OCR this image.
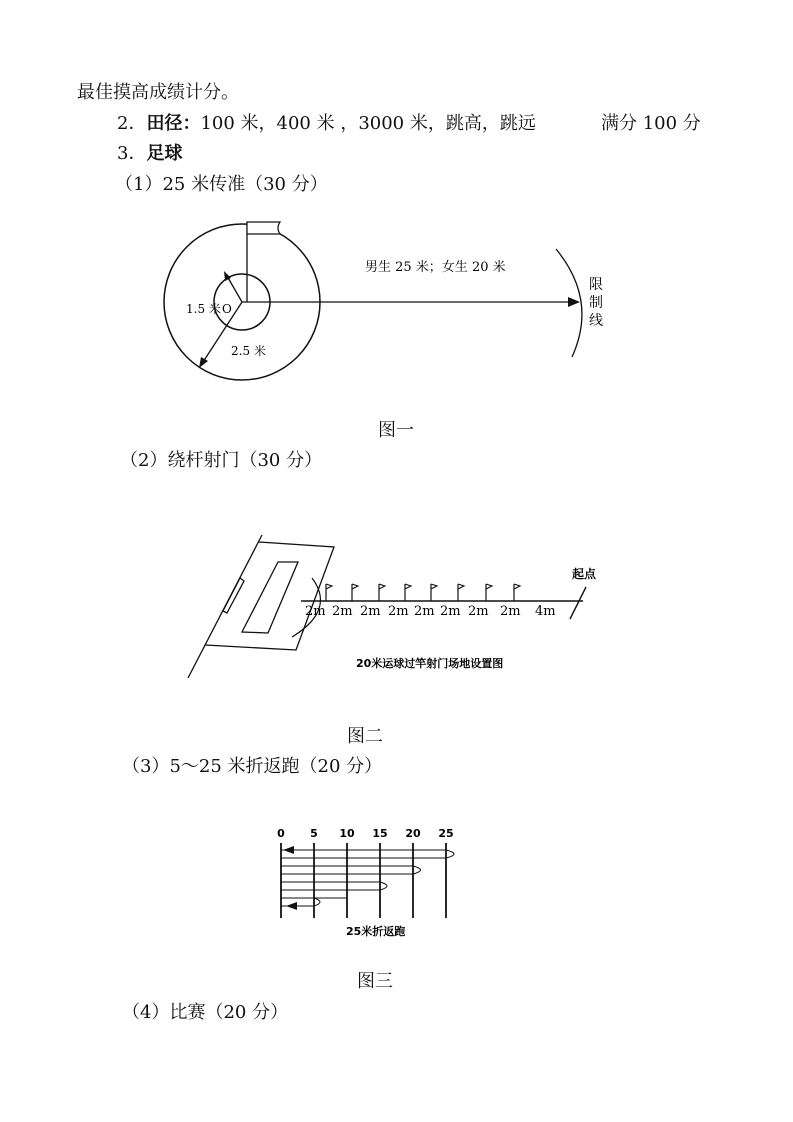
最佳摸高成绩计分。
2．田径：100 米，400 米 ，3000 米，跳高，跳远	满分 100 分
3．足球
（1）25 米传准（30 分）
男生 25 米；女生 20 米
1.5 米 O
2.5 米
限
制
线
图一
（2）绕杆射门（30 分）
2m 2m 2m 2m 2m 2m 2m 2m 4m
起点
20米运球过竿射门场地设置图
图二
（3）5～25 米折返跑（20 分）
0 5 10 15 20 25
25米折返跑
图三
（4）比赛（20 分）
